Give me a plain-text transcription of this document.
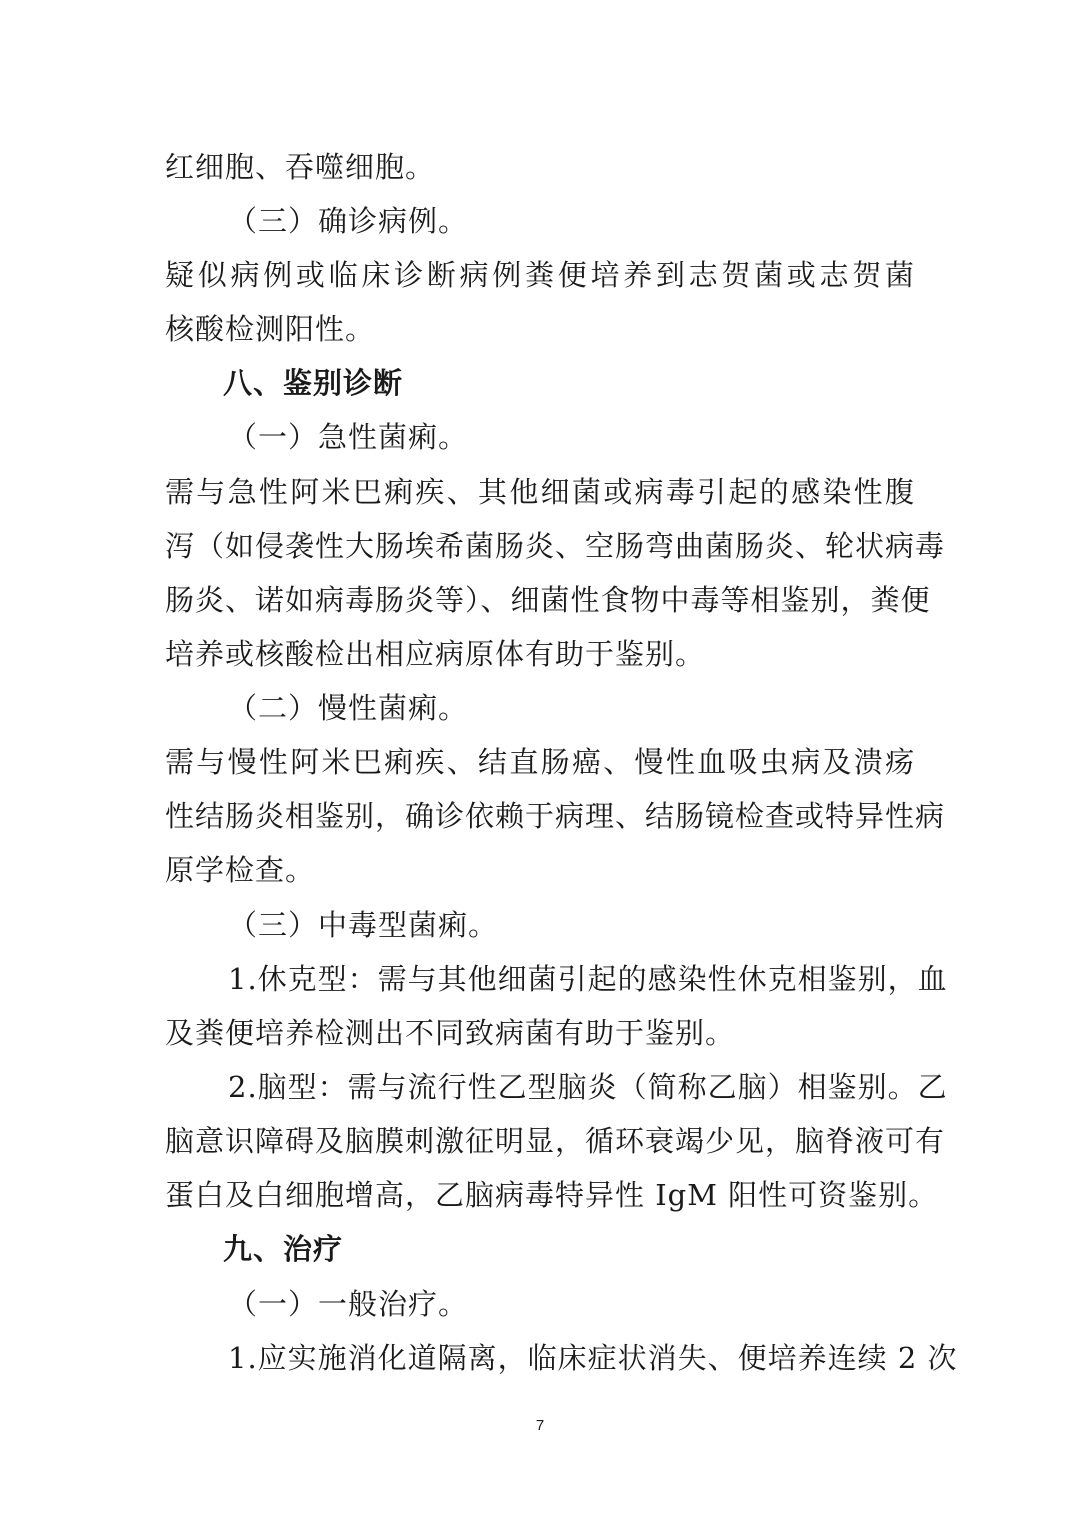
红细胞、吞噬细胞。
（三）确诊病例。
疑似病例或临床诊断病例粪便培养到志贺菌或志贺菌
核酸检测阳性。
八、鉴别诊断
（一）急性菌痢。
需与急性阿米巴痢疾、其他细菌或病毒引起的感染性腹
泻（如侵袭性大肠埃希菌肠炎、空肠弯曲菌肠炎、轮状病毒
肠炎、诺如病毒肠炎等）、细菌性食物中毒等相鉴别，粪便
培养或核酸检出相应病原体有助于鉴别。
（二）慢性菌痢。
需与慢性阿米巴痢疾、结直肠癌、慢性血吸虫病及溃疡
性结肠炎相鉴别，确诊依赖于病理、结肠镜检查或特异性病
原学检查。
（三）中毒型菌痢。
1.休克型：需与其他细菌引起的感染性休克相鉴别，血
及粪便培养检测出不同致病菌有助于鉴别。
2.脑型：需与流行性乙型脑炎（简称乙脑）相鉴别。乙
脑意识障碍及脑膜刺激征明显，循环衰竭少见，脑脊液可有
蛋白及白细胞增高，乙脑病毒特异性 IgM 阳性可资鉴别。
九、治疗
（一）一般治疗。
1.应实施消化道隔离，临床症状消失、便培养连续 2 次
7
